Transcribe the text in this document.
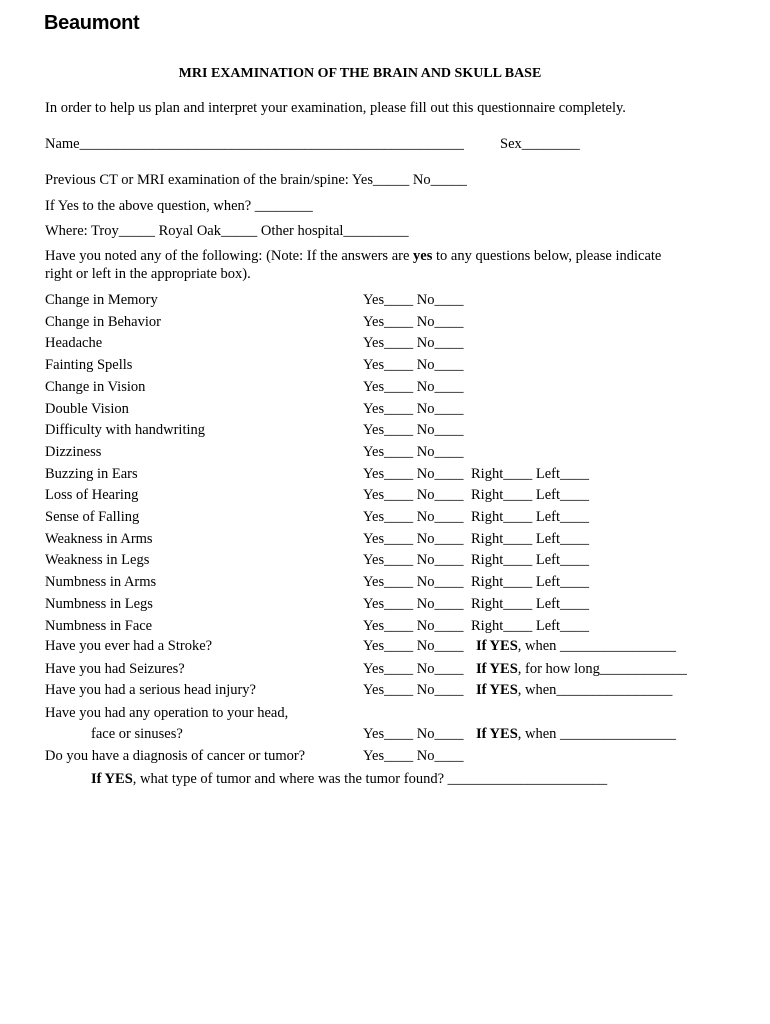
Beaumont
MRI EXAMINATION OF THE BRAIN AND SKULL BASE
In order to help us plan and interpret your examination, please fill out this questionnaire completely.
Name_____________________________________________________ Sex________
Previous CT or MRI examination of the brain/spine: Yes_____ No_____
If Yes to the above question, when? ________
Where: Troy_____ Royal Oak_____ Other hospital_________
Have you noted any of the following: (Note: If the answers are yes to any questions below, please indicate
right or left in the appropriate box).
Change in Memory	Yes____ No____
Change in Behavior	Yes____ No____
Headache	Yes____ No____
Fainting Spells	Yes____ No____
Change in Vision	Yes____ No____
Double Vision	Yes____ No____
Difficulty with handwriting	Yes____ No____
Dizziness	Yes____ No____
Buzzing in Ears	Yes____ No____ Right____ Left____
Loss of Hearing	Yes____ No____ Right____ Left____
Sense of Falling	Yes____ No____ Right____ Left____
Weakness in Arms	Yes____ No____ Right____ Left____
Weakness in Legs	Yes____ No____ Right____ Left____
Numbness in Arms	Yes____ No____ Right____ Left____
Numbness in Legs	Yes____ No____ Right____ Left____
Numbness in Face	Yes____ No____ Right____ Left____
Have you ever had a Stroke?	Yes____ No____ If YES, when ________________
Have you had Seizures?	Yes____ No____ If YES, for how long____________
Have you had a serious head injury?	Yes____ No____ If YES, when________________
Have you had any operation to your head,
face or sinuses?	Yes____ No____ If YES, when ________________
Do you have a diagnosis of cancer or tumor?	Yes____ No____
If YES, what type of tumor and where was the tumor found? ______________________
